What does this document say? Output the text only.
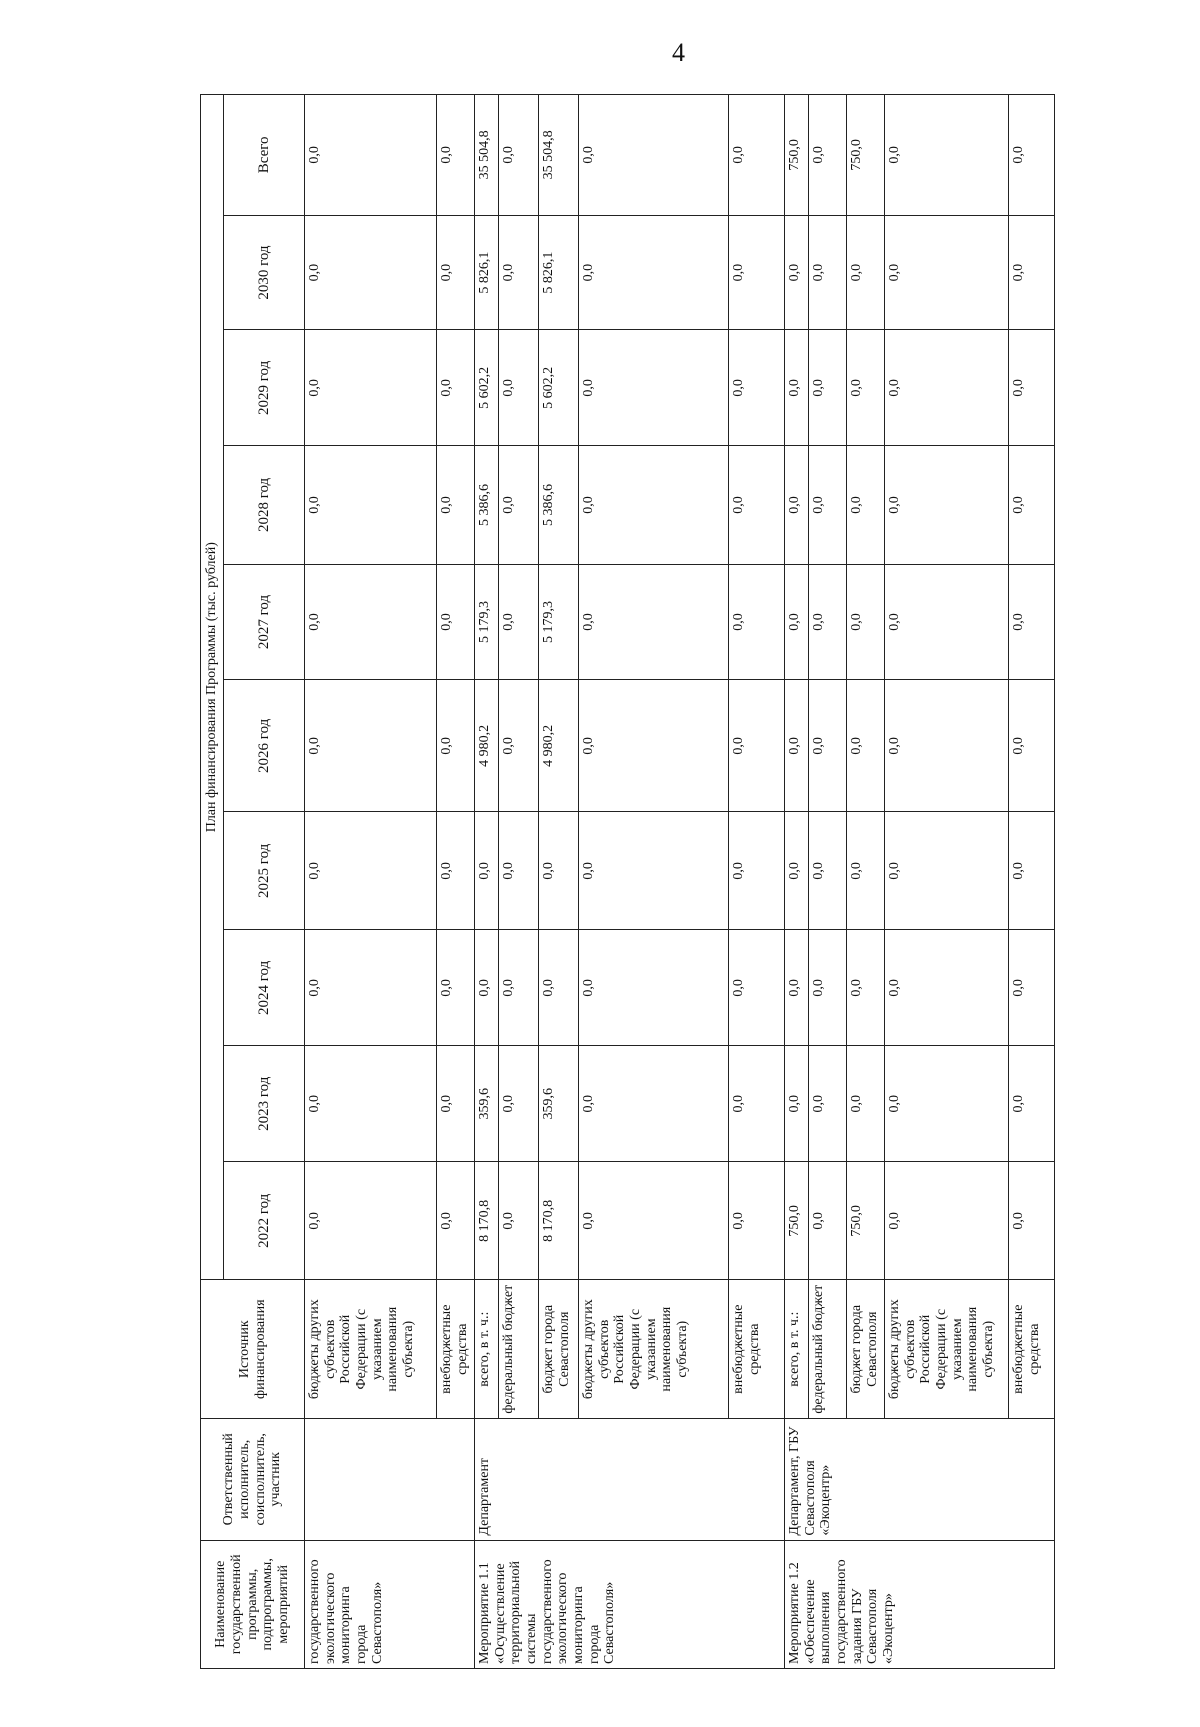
4
Наименование государственной программы, подпрограммы, мероприятий	Ответственный исполнитель, соисполнитель, участник	Источник финансирования	План финансирования Программы (тыс. рублей)									
			2022 год	2023 год	2024 год	2025 год	2026 год	2027 год	2028 год	2029 год	2030 год	Всего
государственного экологического мониторинга города Севастополя»		бюджеты других субъектов Российской Федерации (с указанием наименования субъекта)	0,0	0,0	0,0	0,0	0,0	0,0	0,0	0,0	0,0	0,0
		внебюджетные средства	0,0	0,0	0,0	0,0	0,0	0,0	0,0	0,0	0,0	0,0
Мероприятие 1.1 «Осуществление территориальной системы государственного экологического мониторинга города Севастополя»	Департамент	всего, в т. ч.:	8 170,8	359,6	0,0	0,0	4 980,2	5 179,3	5 386,6	5 602,2	5 826,1	35 504,8
		федеральный бюджет	0,0	0,0	0,0	0,0	0,0	0,0	0,0	0,0	0,0	0,0
		бюджет города Севастополя	8 170,8	359,6	0,0	0,0	4 980,2	5 179,3	5 386,6	5 602,2	5 826,1	35 504,8
		бюджеты других субъектов Российской Федерации (с указанием наименования субъекта)	0,0	0,0	0,0	0,0	0,0	0,0	0,0	0,0	0,0	0,0
		внебюджетные средства	0,0	0,0	0,0	0,0	0,0	0,0	0,0	0,0	0,0	0,0
Мероприятие 1.2 «Обеспечение выполнения государственного задания ГБУ Севастополя «Экоцентр»	Департамент, ГБУ Севастополя «Экоцентр»	всего, в т. ч.:	750,0	0,0	0,0	0,0	0,0	0,0	0,0	0,0	0,0	750,0
		федеральный бюджет	0,0	0,0	0,0	0,0	0,0	0,0	0,0	0,0	0,0	0,0
		бюджет города Севастополя	750,0	0,0	0,0	0,0	0,0	0,0	0,0	0,0	0,0	750,0
		бюджеты других субъектов Российской Федерации (с указанием наименования субъекта)	0,0	0,0	0,0	0,0	0,0	0,0	0,0	0,0	0,0	0,0
		внебюджетные средства	0,0	0,0	0,0	0,0	0,0	0,0	0,0	0,0	0,0	0,0
